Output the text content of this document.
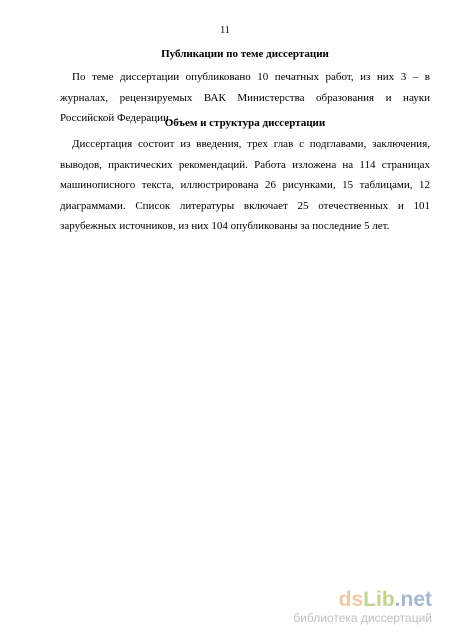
11
Публикации по теме диссертации

По теме диссертации опубликовано 10 печатных работ, из них 3 – в журналах, рецензируемых ВАК Министерства образования и науки Российской Федерации.

Объем и структура диссертации

Диссертация состоит из введения, трех глав с подглавами, заключения, выводов, практических рекомендаций. Работа изложена на 114 страницах машинописного текста, иллюстрирована 26 рисунками, 15 таблицами, 12 диаграммами. Список литературы включает 25 отечественных и 101 зарубежных источников, из них 104 опубликованы за последние 5 лет.

dsLib.net
библиотека диссертаций
